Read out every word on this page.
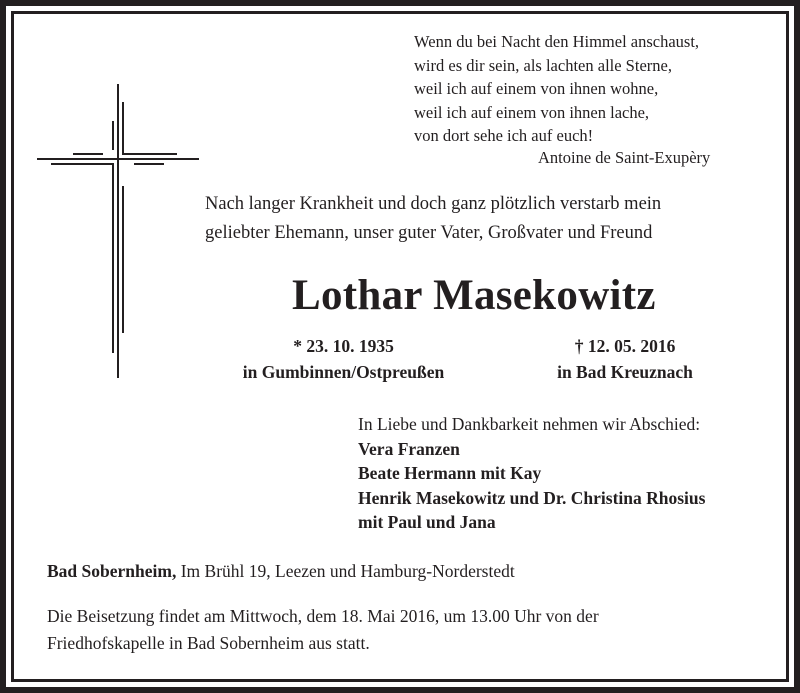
Wenn du bei Nacht den Himmel anschaust,
wird es dir sein, als lachten alle Sterne,
weil ich auf einem von ihnen wohne,
weil ich auf einem von ihnen lache,
von dort sehe ich auf euch!
Antoine de Saint-Exupèry
Nach langer Krankheit und doch ganz plötzlich verstarb mein
geliebter Ehemann, unser guter Vater, Großvater und Freund
Lothar Masekowitz
* 23. 10. 1935
in Gumbinnen/Ostpreußen
† 12. 05. 2016
in Bad Kreuznach
In Liebe und Dankbarkeit nehmen wir Abschied:
Vera Franzen
Beate Hermann mit Kay
Henrik Masekowitz und Dr. Christina Rhosius
mit Paul und Jana
Bad Sobernheim, Im Brühl 19, Leezen und Hamburg-Norderstedt
Die Beisetzung findet am Mittwoch, dem 18. Mai 2016, um 13.00 Uhr von der
Friedhofskapelle in Bad Sobernheim aus statt.
